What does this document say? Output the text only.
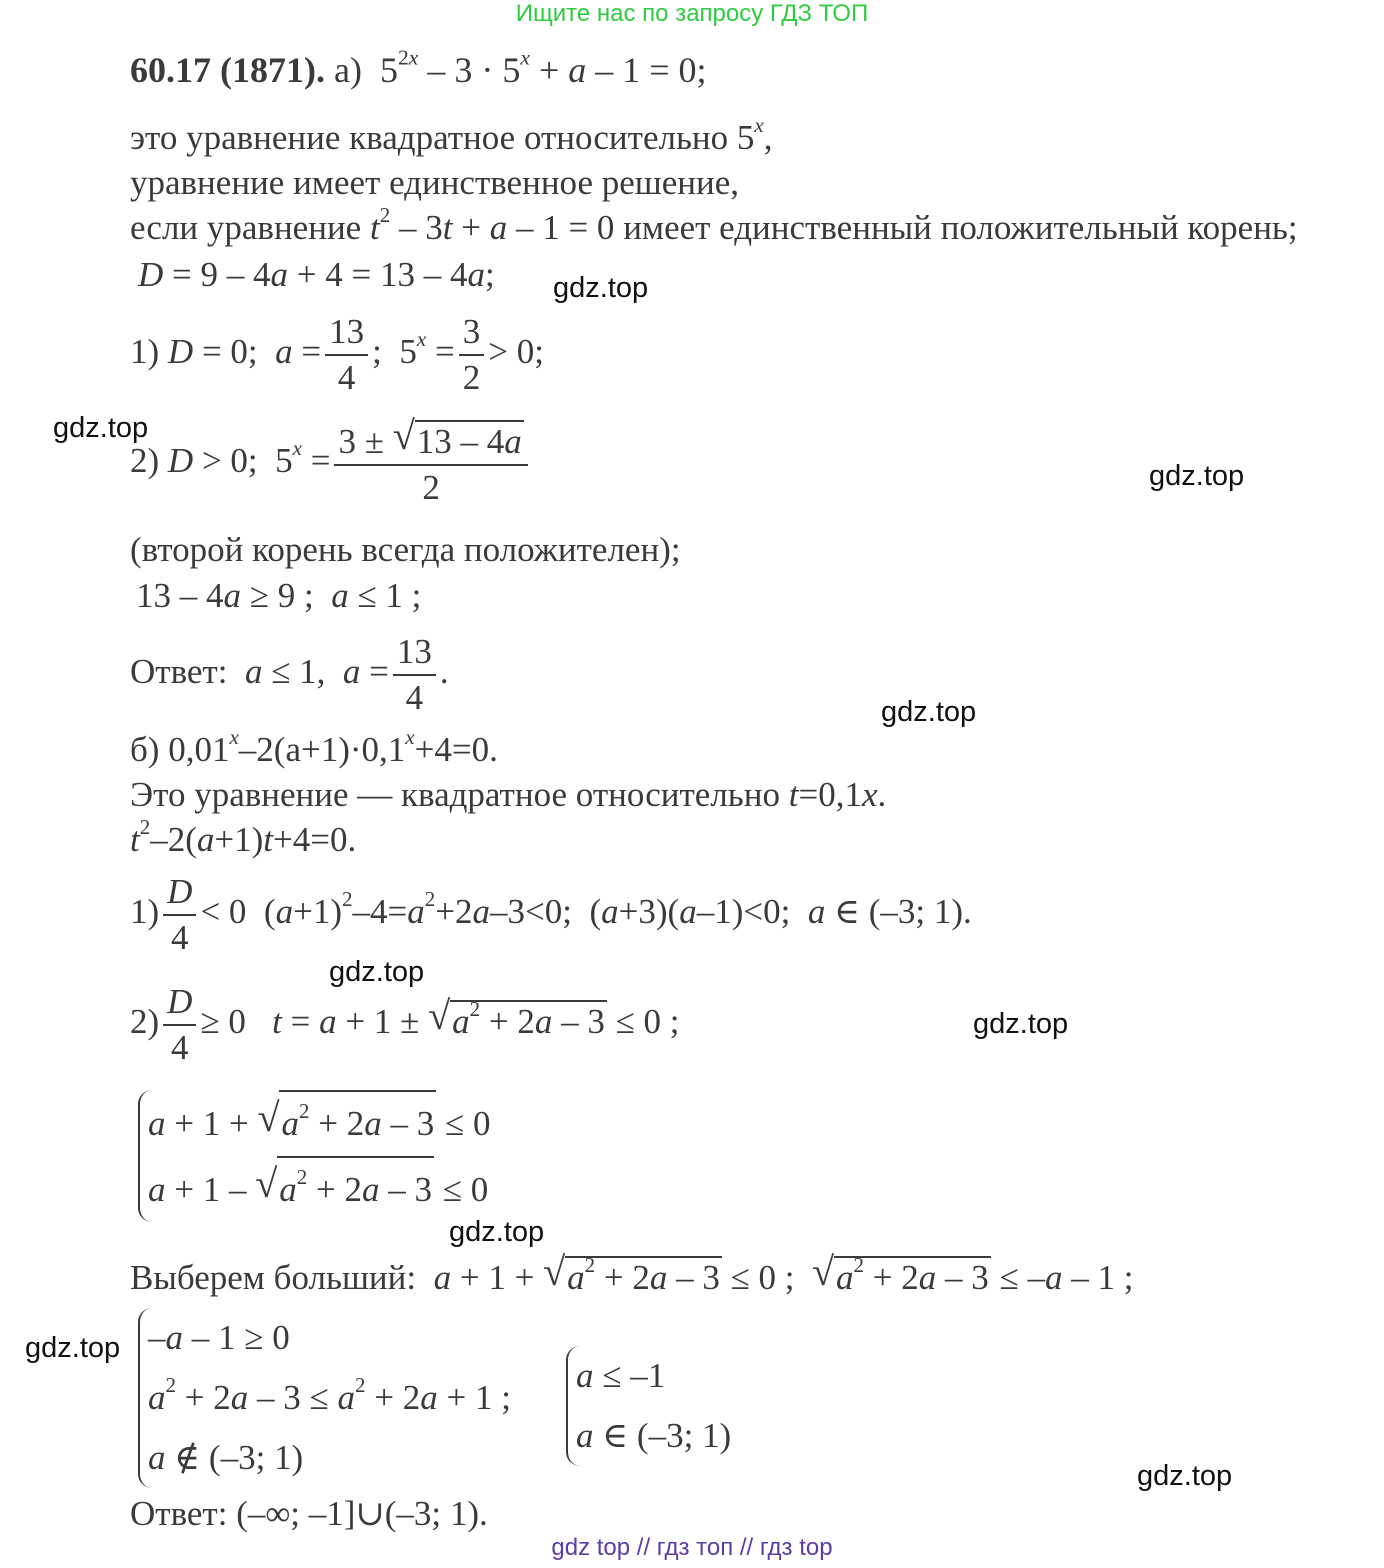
Ищите нас по запросу ГДЗ ТОП
60.17 (1871). а)  $5^{2x} - 3 \cdot 5^x + a - 1 = 0$;
это уравнение квадратное относительно 5$^x$,
уравнение имеет единственное решение,
если уравнение $t^2 - 3t + a - 1 = 0$ имеет единственный положительный корень;
D = 9 – 4a + 4 = 13 – 4a;
1) D = 0;  $a = \frac{13}{4}$ ;  $5^x = \frac{3}{2} > 0$;
2) D > 0;  $5^x = \frac{3 \pm √ 13 - 4a}{2}$
(второй корень всегда положителен);
13 – 4a ≥ 9 ;  a ≤ 1 ;
Ответ: a ≤ 1,  $a = \frac{13}{4}$ .
б) $0,01^x-2(a+1)\cdot 0,1^x+4=0$.
Это уравнение — квадратное относительно t=0,1x.
$t^2-2(a+1)t+4=0$.
$1) \frac{D}{4} < 0$  $(a+1)^2-4=a^2+2a-3<0$;  (a+3)(a–1)<0;  a ∈ (–3; 1).
$2) \frac{D}{4} \ge 0$   t = a + 1 ± √ $a^2 + 2a - 3 \le 0$ ;
a + 1 + √ $a^2 + 2a - 3 \le 0$
a + 1 – √ $a^2 + 2a - 3 \le 0$
Выберем больший: a + 1 + √ $a^2 + 2a - 3 \le 0$ ;  √ $a^2 + 2a - 3 \le -a - 1$ ;
–a – 1 ≥ 0
$a^2 + 2a - 3 \le a^2 + 2a + 1$ ;
a ∉ (–3; 1)
a ≤ –1
a ∈ (–3; 1)
Ответ: (–∞; –1]∪(–3; 1).
gdz.top
gdz.top
gdz.top
gdz.top
gdz.top
gdz.top
gdz.top
gdz.top
gdz.top
gdz top // гдз топ // гдз top
